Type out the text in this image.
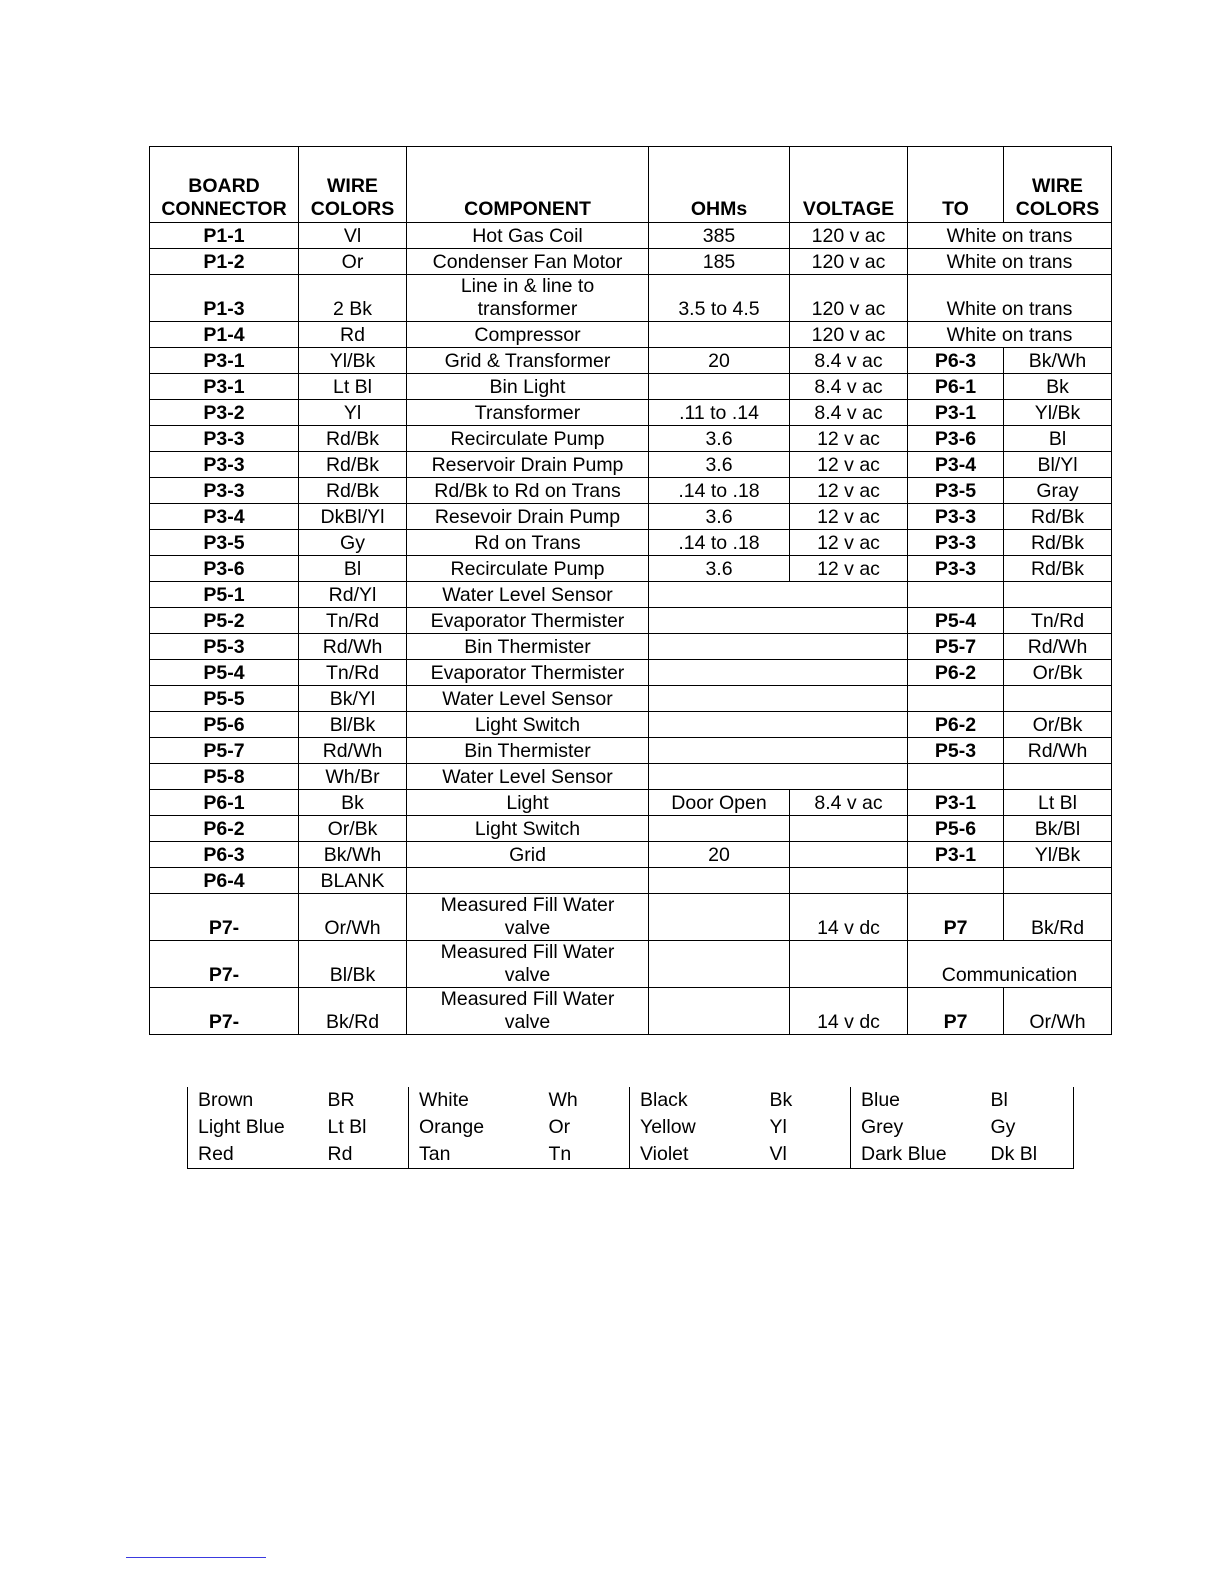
BOARD
CONNECTOR	WIRE
COLORS	COMPONENT	OHMs	VOLTAGE	TO	WIRE
COLORS
P1-1	Vl	Hot Gas Coil	385	120 v ac	White on trans	
P1-2	Or	Condenser Fan Motor	185	120 v ac	White on trans	
P1-3	2 Bk	Line in & line to
transformer	3.5 to 4.5	120 v ac	White on trans	
P1-4	Rd	Compressor		120 v ac	White on trans	
P3-1	Yl/Bk	Grid & Transformer	20	8.4 v ac	P6-3	Bk/Wh
P3-1	Lt Bl	Bin Light		8.4 v ac	P6-1	Bk
P3-2	Yl	Transformer	.11 to .14	8.4 v ac	P3-1	Yl/Bk
P3-3	Rd/Bk	Recirculate Pump	3.6	12 v ac	P3-6	Bl
P3-3	Rd/Bk	Reservoir Drain Pump	3.6	12 v ac	P3-4	Bl/Yl
P3-3	Rd/Bk	Rd/Bk to Rd on Trans	.14 to .18	12 v ac	P3-5	Gray
P3-4	DkBl/Yl	Resevoir Drain Pump	3.6	12 v ac	P3-3	Rd/Bk
P3-5	Gy	Rd on Trans	.14 to .18	12 v ac	P3-3	Rd/Bk
P3-6	Bl	Recirculate Pump	3.6	12 v ac	P3-3	Rd/Bk
P5-1	Rd/Yl	Water Level Sensor				
P5-2	Tn/Rd	Evaporator Thermister			P5-4	Tn/Rd
P5-3	Rd/Wh	Bin Thermister			P5-7	Rd/Wh
P5-4	Tn/Rd	Evaporator Thermister			P6-2	Or/Bk
P5-5	Bk/Yl	Water Level Sensor				
P5-6	Bl/Bk	Light Switch			P6-2	Or/Bk
P5-7	Rd/Wh	Bin Thermister			P5-3	Rd/Wh
P5-8	Wh/Br	Water Level Sensor				
P6-1	Bk	Light	Door Open	8.4 v ac	P3-1	Lt Bl
P6-2	Or/Bk	Light Switch			P5-6	Bk/Bl
P6-3	Bk/Wh	Grid	20		P3-1	Yl/Bk
P6-4	BLANK					
P7-	Or/Wh	Measured Fill Water
valve		14 v dc	P7	Bk/Rd
P7-	Bl/Bk	Measured Fill Water
valve			Communication	
P7-	Bk/Rd	Measured Fill Water
valve		14 v dc	P7	Or/Wh
Brown	BR	White	Wh	Black	Bk	Blue	Bl
Light Blue	Lt Bl	Orange	Or	Yellow	Yl	Grey	Gy
Red	Rd	Tan	Tn	Violet	Vl	Dark Blue	Dk Bl
